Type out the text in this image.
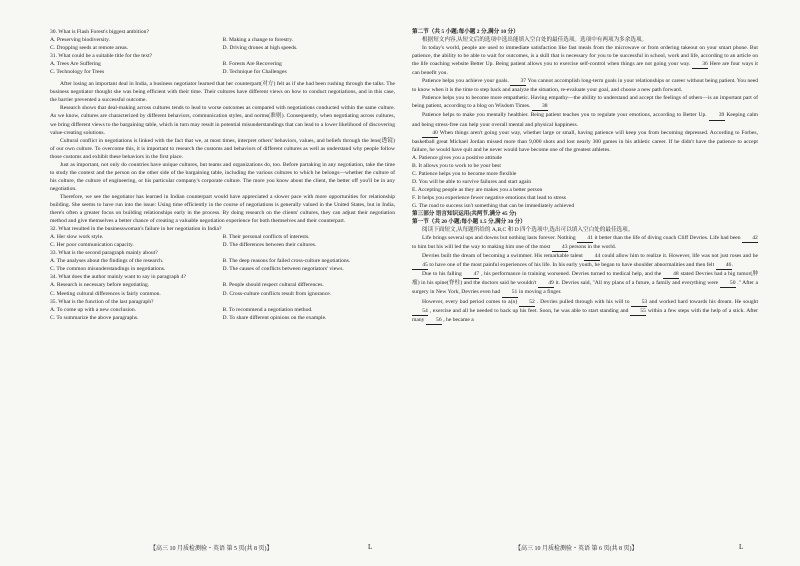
30. What is Flash Forest's biggest ambition?

A. Preserving biodiversity.	B. Making a change to forestry.
C. Dropping seeds at remote areas.	D. Driving drones at high speeds.

31. What could be a suitable title for the text?

A. Trees Are Suffering	B. Forests Are Recovering
C. Technology for Trees	D. Technique for Challenges

After losing an important deal in India, a business negotiator learned that her counterpart(对方) felt as if she had been rushing through the talks. The business negotiator thought she was being efficient with their time. Their cultures have different views on how to conduct negotiations, and in this case, the barrier prevented a successful outcome.

Research shows that deal-making across cultures tends to lead to worse outcomes as compared with negotiations conducted within the same culture. As we know, cultures are characterized by different behaviors, communication styles, and norms(准则). Consequently, when negotiating across cultures, we bring different views to the bargaining table, which in turn may result in potential misunderstandings that can lead to a lower likelihood of discovering value-creating solutions.

Cultural conflict in negotiations is linked with the fact that we, at most times, interpret others' behaviors, values, and beliefs through the lens(透镜) of our own culture. To overcome this, it is important to research the customs and behaviors of different cultures as well as understand why people follow those customs and exhibit these behaviors in the first place.

Just as important, not only do countries have unique cultures, but teams and organizations do, too. Before partaking in any negotiation, take the time to study the context and the person on the other side of the bargaining table, including the various cultures to which he belongs—whether the culture of his culture, the culture of engineering, or his particular company's corporate culture. The more you know about the client, the better off you'll be in any negotiation.

Therefore, we see the negotiator has learned in Indian counterpart would have appreciated a slower pace with more opportunities for relationship building. She seems to have run into the issue: Using time efficiently in the course of negotiations is generally valued in the United States, but in India, there's often a greater focus on building relationships early in the process. By doing research on the clients' cultures, they can adjust their negotiation method and give themselves a better chance of creating a valuable negotiation experience for both themselves and their counterpart.

32. What resulted in the businesswoman's failure in her negotiation in India?

A. Her slow work style.	B. Their personal conflicts of interests.
C. Her poor communication capacity.	D. The differences between their cultures.

33. What is the second paragraph mainly about?

A. The analyses about the findings of the research.	B. The deep reasons for failed cross-culture negotiations.
C. The common misunderstandings in negotiations.	D. The causes of conflicts between negotiators' views.

34. What does the author mainly want to say in paragraph 4?

A. Research is necessary before negotiating.	B. People should respect cultural differences.
C. Meeting cultural differences is fairly common.	D. Cross-culture conflicts result from ignorance.

35. What is the function of the last paragraph?

A. To come up with a new conclusion.	B. To recommend a negotiation method.
C. To summarize the above paragraphs.	D. To share different opinions on the example.
【高三 10 月质检测验・英语 第 5 页(共 8 页)】	L

第二节（共 5 小题;每小题 2 分,满分 10 分）

根据短文内容,从短文后的选项中选出能填入空白处的最佳选项。选项中有两项为多余选项。

In today's world, people are used to immediate satisfaction like fast meals from the microwave or from ordering takeout on your smart phone. But patience, the ability to be able to wait for outcomes, is a skill that is necessary for you to be successful in school, work and life, according to an article on the life coaching website Better Up. Being patient allows you to exercise self-control when things are not going your way. 36 Here are four ways it can benefit you.

Patience helps you achieve your goals. 37 You cannot accomplish long-term goals in your relationships or career without being patient. You need to know when it is the time to step back and analyze the situation, re-evaluate your goal, and choose a new path forward.

Patience helps you to become more empathetic. Having empathy—the ability to understand and accept the feelings of others—is an important part of being patient, according to a blog on Wisdom Times. 38

Patience helps to make you mentally healthier. Being patient teaches you to regulate your emotions, according to Better Up. 39 Keeping calm and being stress-free can help your overall mental and physical happiness.

40 When things aren't going your way, whether large or small, having patience will keep you from becoming depressed. According to Forbes, basketball great Michael Jordan missed more than 9,000 shots and lost nearly 300 games in his athletic career. If he didn't have the patience to accept failure, he would have quit and he never would have become one of the greatest athletes.

A. Patience gives you a positive attitude

B. It allows you to work to be your best

C. Patience helps you to become more flexible

D. You will be able to survive failures and start again

E. Accepting people as they are makes you a better person

F. It helps you experience fewer negative emotions that lead to stress

G. The road to success isn't something that can be immediately achieved

第三部分 语言知识运用(共两节,满分 45 分)

第一节（共 20 小题;每小题 1.5 分,满分 30 分）

阅读下面短文,从每题所给的 A,B,C 和 D 四个选项中,选出可以填入空白处的最佳选项。

Life brings several ups and downs but nothing lasts forever. Nothing 41 it better than the life of diving coach Cliff Devries. Life had been 42 to him but his will led the way to making him one of the most 43 persons in the world.

Devries built the dream of becoming a swimmer. His remarkable talent 44 could allow him to realize it. However, life was not just roses and he 45 to have one of the most painful experiences of his life. In his early youth, he began to have shoulder abnormalities and then felt 46.

Due to his falling 47 , his performance in training worsened. Devries turned to medical help, and the 48 stated Devries had a big tumor(肿瘤) in his spine(脊柱) and the doctors said he wouldn't 49 it. Devries said, "All my plans of a future, a family and everything were 50 ." After a surgery in New York, Devries even had 51 in moving a finger.

However, every bad period comes to a(n) 52 . Devries pulled through with his will to 53 and worked hard towards his dream. He sought 54 , exercise and all he needed to back up his feet. Soon, he was able to start standing and 55 within a few steps with the help of a stick. After many 56 , he became a

【高三 10 月质检测验・英语 第 6 页(共 8 页)】	L
